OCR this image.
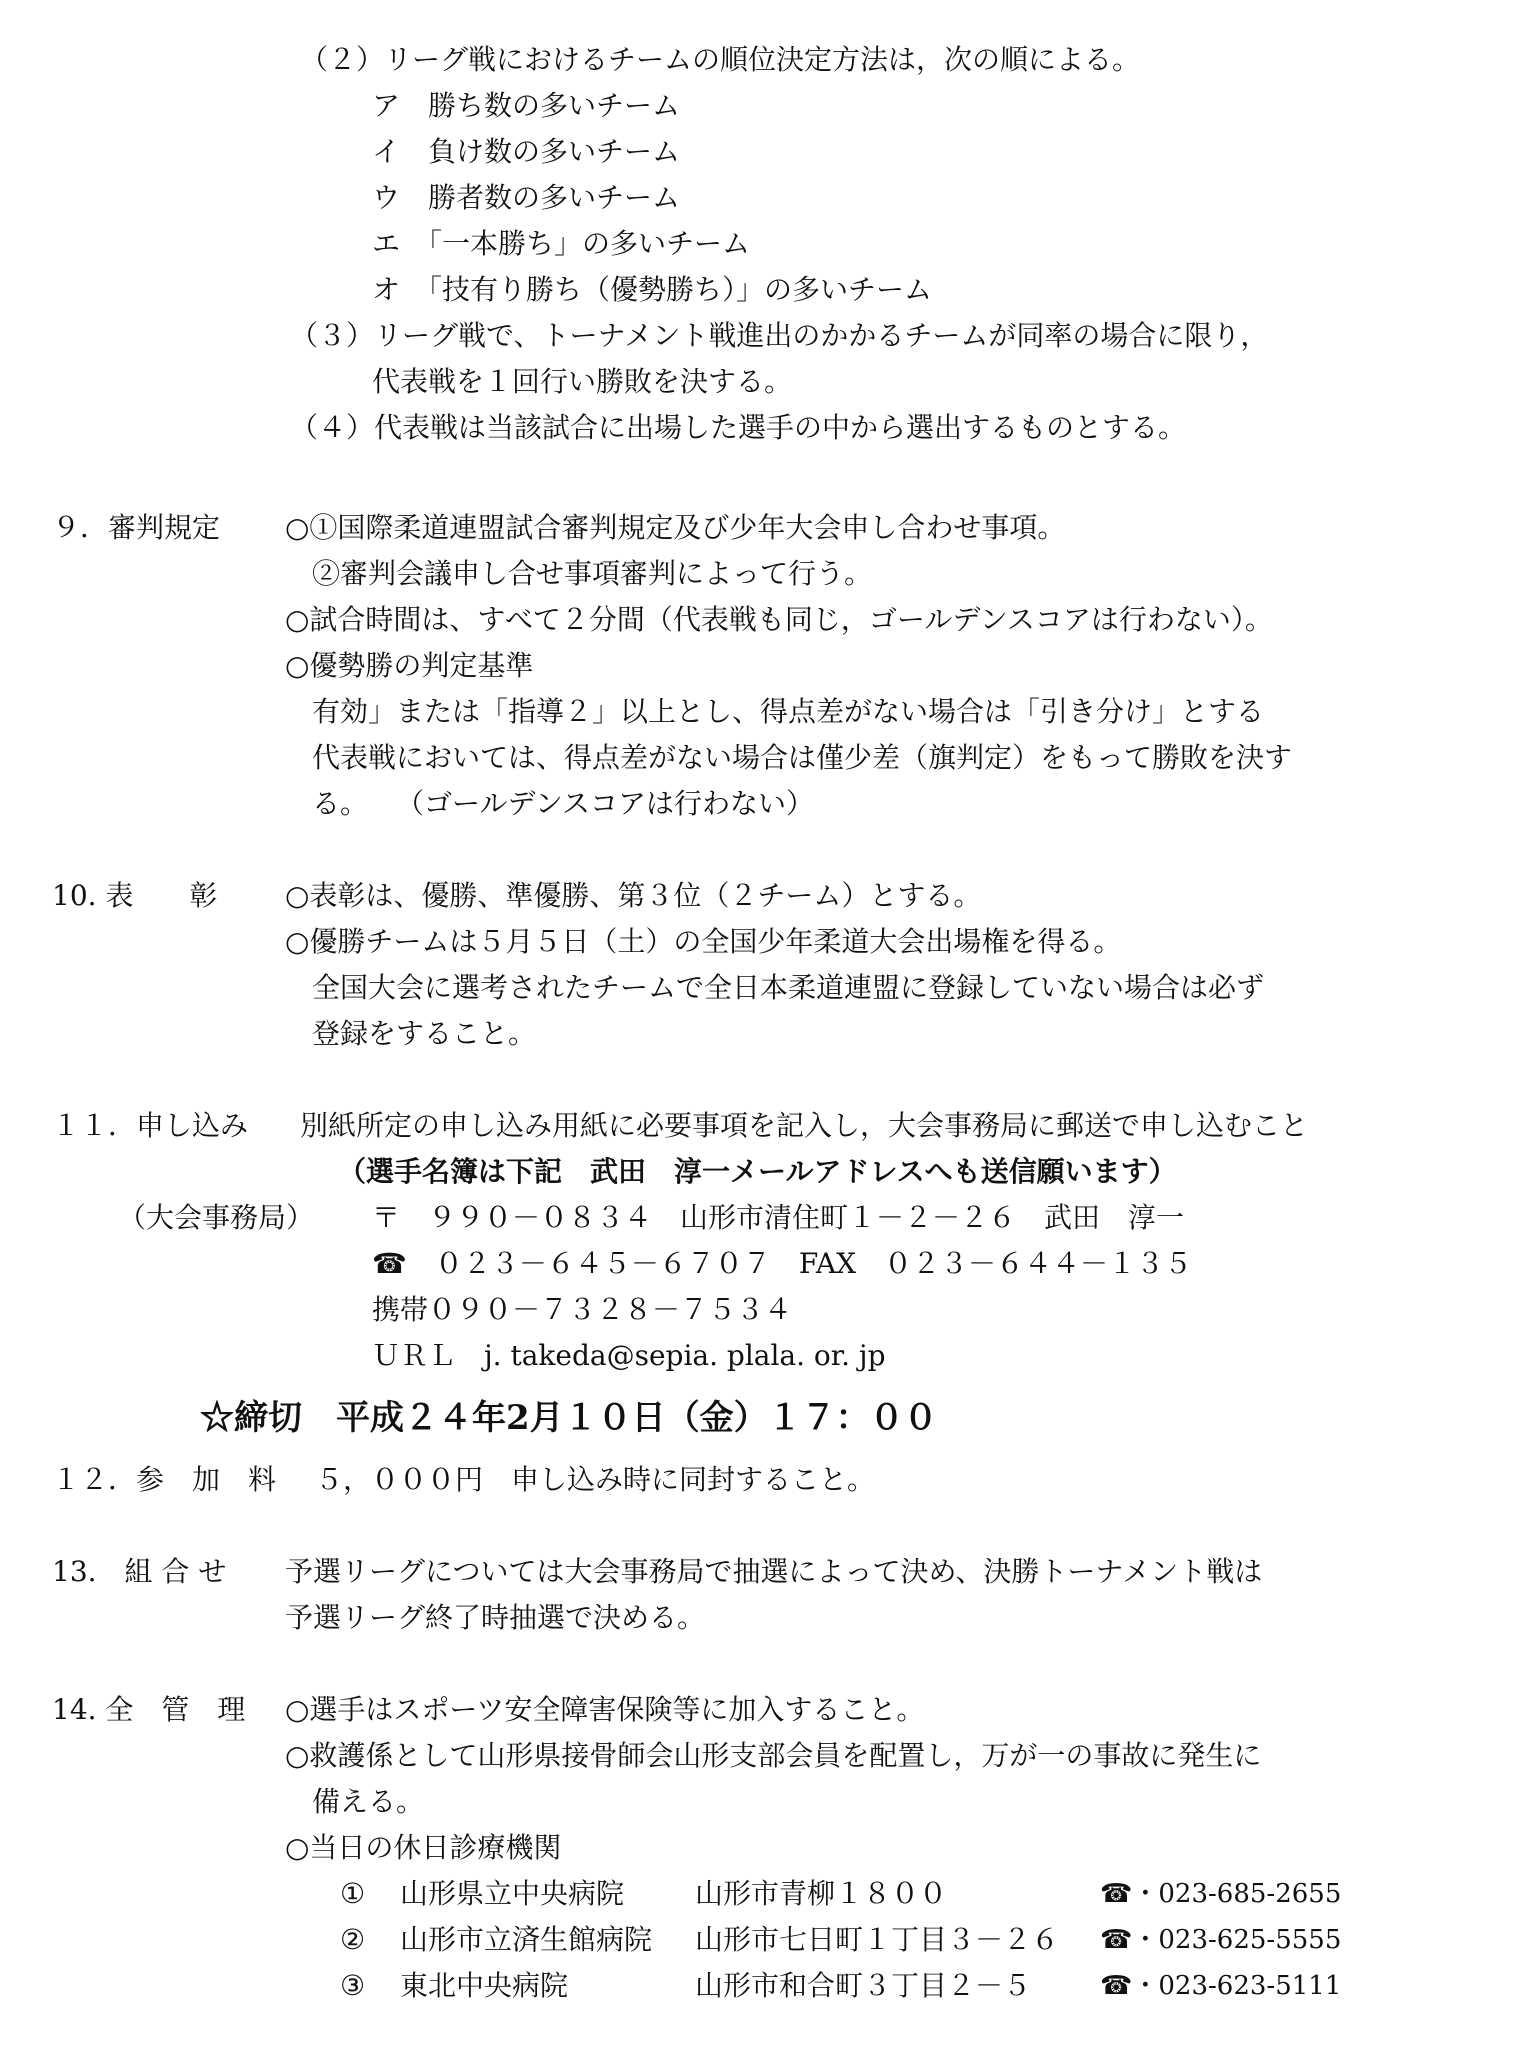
（２）リーグ戦におけるチームの順位決定方法は，次の順による。
ア　勝ち数の多いチーム
イ　負け数の多いチーム
ウ　勝者数の多いチーム
エ　「一本勝ち」の多いチーム
オ　「技有り勝ち（優勢勝ち）」の多いチーム
（３）リーグ戦で、トーナメント戦進出のかかるチームが同率の場合に限り，
代表戦を１回行い勝敗を決する。
（４）代表戦は当該試合に出場した選手の中から選出するものとする。
９．審判規定 ○①国際柔道連盟試合審判規定及び少年大会申し合わせ事項。
②審判会議申し合せ事項審判によって行う。
○試合時間は、すべて２分間（代表戦も同じ，ゴールデンスコアは行わない）。
○優勢勝の判定基準
有効」または「指導２」以上とし、得点差がない場合は「引き分け」とする
代表戦においては、得点差がない場合は僅少差（旗判定）をもって勝敗を決す
る。　　（ゴールデンスコアは行わない）
10. 表　　彰 ○表彰は、優勝、準優勝、第３位（２チーム）とする。
○優勝チームは５月５日（土）の全国少年柔道大会出場権を得る。
全国大会に選考されたチームで全日本柔道連盟に登録していない場合は必ず
登録をすること。
１１．申し込み 別紙所定の申し込み用紙に必要事項を記入し，大会事務局に郵送で申し込むこと
（選手名簿は下記　武田　淳一メールアドレスへも送信願います）
（大会事務局） 〒　９９０－０８３４　山形市清住町１－２－２６　武田　淳一
☎　０２３－６４５－６７０７　FAX　０２３－６４４－１３５
携帯０９０－７３２８－７５３４
ＵＲＬ　j. takeda@sepia. plala. or. jp
☆締切　平成２４年2月１０日（金）１７：００
１２．参　加　料 ５，０００円　申し込み時に同封すること。
13.　組 合 せ 予選リーグについては大会事務局で抽選によって決め、決勝トーナメント戦は
予選リーグ終了時抽選で決める。
14. 全　管　理 ○選手はスポーツ安全障害保険等に加入すること。
○救護係として山形県接骨師会山形支部会員を配置し，万が一の事故に発生に
備える。
○当日の休日診療機関
① 山形県立中央病院	山形市青柳１８００	☎・023-685-2655
② 山形市立済生館病院 山形市七日町１丁目３－２６ ☎・023-625-5555
③ 東北中央病院	山形市和合町３丁目２－５	☎・023-623-5111
